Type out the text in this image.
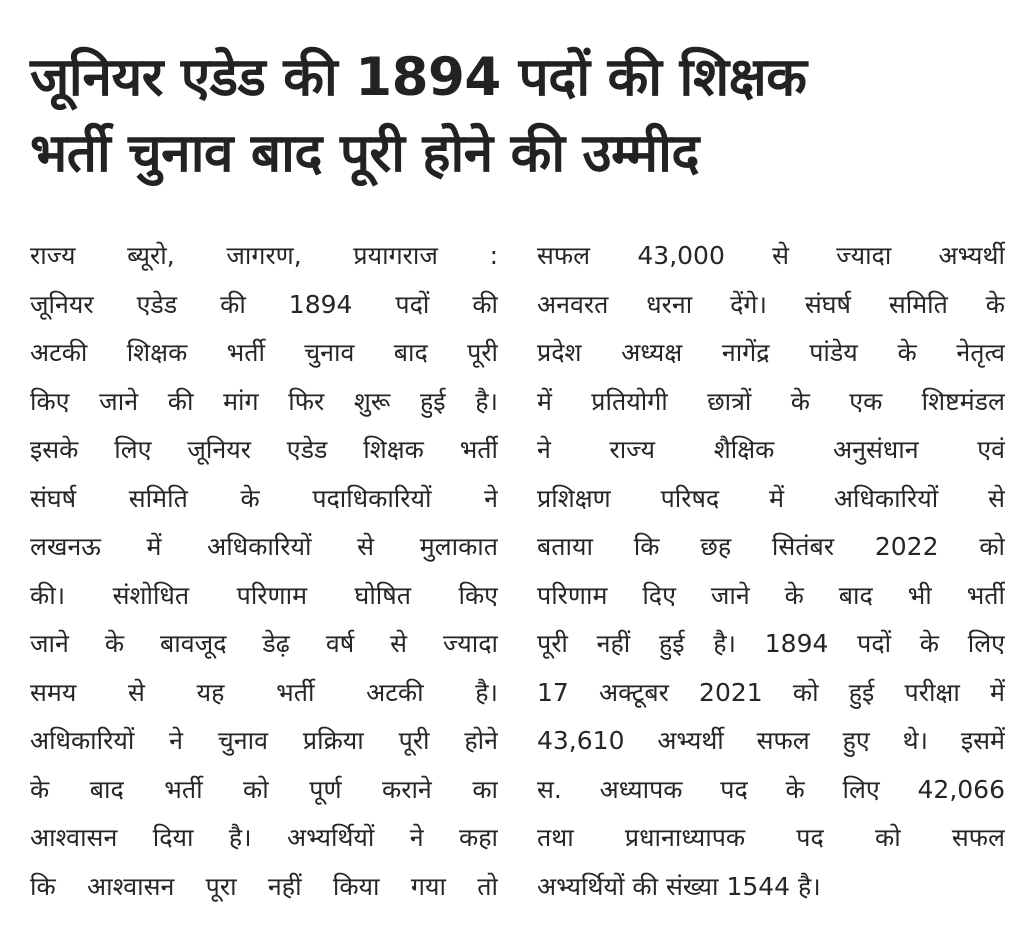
जूनियर एडेड की 1894 पदों की शिक्षक
भर्ती चुनाव बाद पूरी होने की उम्मीद
राज्य ब्यूरो, जागरण, प्रयागराज :
जूनियर एडेड की 1894 पदों की
अटकी शिक्षक भर्ती चुनाव बाद पूरी
किए जाने की मांग फिर शुरू हुई है।
इसके लिए जूनियर एडेड शिक्षक भर्ती
संघर्ष समिति के पदाधिकारियों ने
लखनऊ में अधिकारियों से मुलाकात
की। संशोधित परिणाम घोषित किए
जाने के बावजूद डेढ़ वर्ष से ज्यादा
समय से यह भर्ती अटकी है।
अधिकारियों ने चुनाव प्रक्रिया पूरी होने
के बाद भर्ती को पूर्ण कराने का
आश्वासन दिया है। अभ्यर्थियों ने कहा
कि आश्वासन पूरा नहीं किया गया तो
सफल 43,000 से ज्यादा अभ्यर्थी
अनवरत धरना देंगे। संघर्ष समिति के
प्रदेश अध्यक्ष नागेंद्र पांडेय के नेतृत्व
में प्रतियोगी छात्रों के एक शिष्टमंडल
ने राज्य शैक्षिक अनुसंधान एवं
प्रशिक्षण परिषद में अधिकारियों से
बताया कि छह सितंबर 2022 को
परिणाम दिए जाने के बाद भी भर्ती
पूरी नहीं हुई है। 1894 पदों के लिए
17 अक्टूबर 2021 को हुई परीक्षा में
43,610 अभ्यर्थी सफल हुए थे। इसमें
स. अध्यापक पद के लिए 42,066
तथा प्रधानाध्यापक पद को सफल
अभ्यर्थियों की संख्या 1544 है।
